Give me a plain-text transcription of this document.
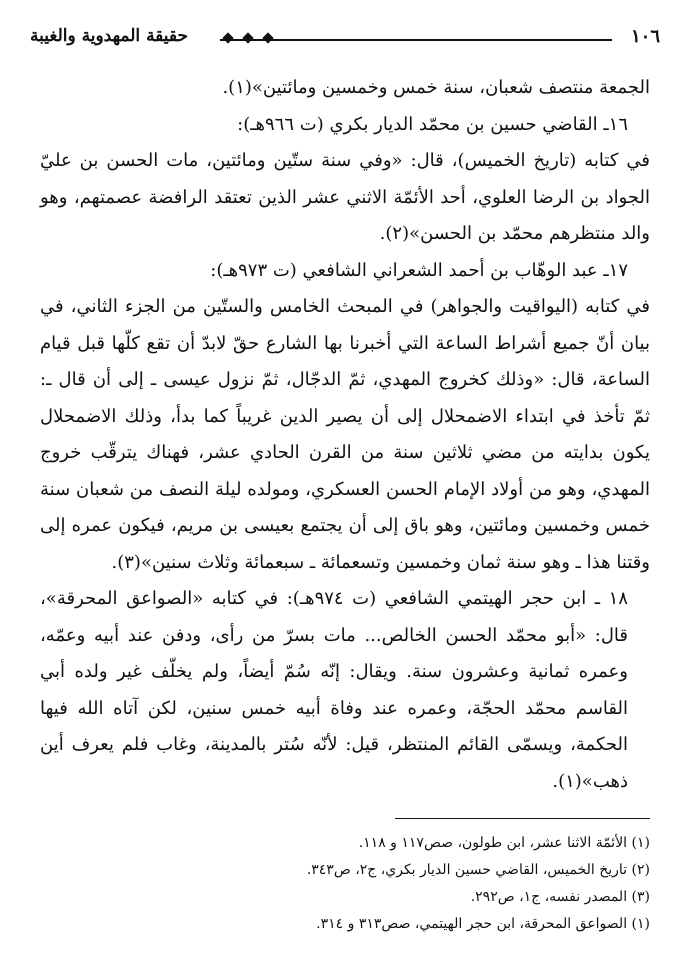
١٠٦
حقيقة المهدوية والغيبة

الجمعة منتصف شعبان، سنة خمس وخمسين ومائتين»(١).

١٦ـ القاضي حسين بن محمّد الديار بكري (ت ٩٦٦هـ):

في كتابه (تاريخ الخميس)، قال: «وفي سنة ستّين ومائتين، مات الحسن بن عليّ الجواد بن الرضا العلوي، أحد الأئمّة الاثني عشر الذين تعتقد الرافضة عصمتهم، وهو والد منتظرهم محمّد بن الحسن»(٢).

١٧ـ عبد الوهّاب بن أحمد الشعراني الشافعي (ت ٩٧٣هـ):

في كتابه (اليواقيت والجواهر) في المبحث الخامس والستّين من الجزء الثاني، في بيان أنّ جميع أشراط الساعة التي أخبرنا بها الشارع حقّ لابدّ أن تقع كلّها قبل قيام الساعة، قال: «وذلك كخروج المهدي، ثمّ الدجّال، ثمّ نزول عيسى ـ إلى أن قال ـ: ثمّ تأخذ في ابتداء الاضمحلال إلى أن يصير الدين غريباً كما بدأ، وذلك الاضمحلال يكون بدايته من مضي ثلاثين سنة من القرن الحادي عشر، فهناك يترقّب خروج المهدي، وهو من أولاد الإمام الحسن العسكري، ومولده ليلة النصف من شعبان سنة خمس وخمسين ومائتين، وهو باق إلى أن يجتمع بعيسى بن مريم، فيكون عمره إلى وقتنا هذا ـ وهو سنة ثمان وخمسين وتسعمائة ـ سبعمائة وثلاث سنين»(٣).

١٨ ـ ابن حجر الهيتمي الشافعي (ت ٩٧٤هـ): في كتابه «الصواعق المحرقة»، قال: «أبو محمّد الحسن الخالص... مات بسرّ من رأى، ودفن عند أبيه وعمّه، وعمره ثمانية وعشرون سنة. ويقال: إنّه سُمّ أيضاً، ولم يخلّف غير ولده أبي القاسم محمّد الحجّة، وعمره عند وفاة أبيه خمس سنين، لكن آتاه الله فيها الحكمة، ويسمّى القائم المنتظر، قيل: لأنّه سُتر بالمدينة، وغاب فلم يعرف أين ذهب»(١).

(١) الأئمّة الاثنا عشر، ابن طولون، صص١١٧ و ١١٨.

(٢) تاريخ الخميس، القاضي حسين الديار بكري، ج٢، ص٣٤٣.

(٣) المصدر نفسه، ج١، ص٢٩٢.

(١) الصواعق المحرقة، ابن حجر الهيتمي، صص٣١٣ و ٣١٤.
